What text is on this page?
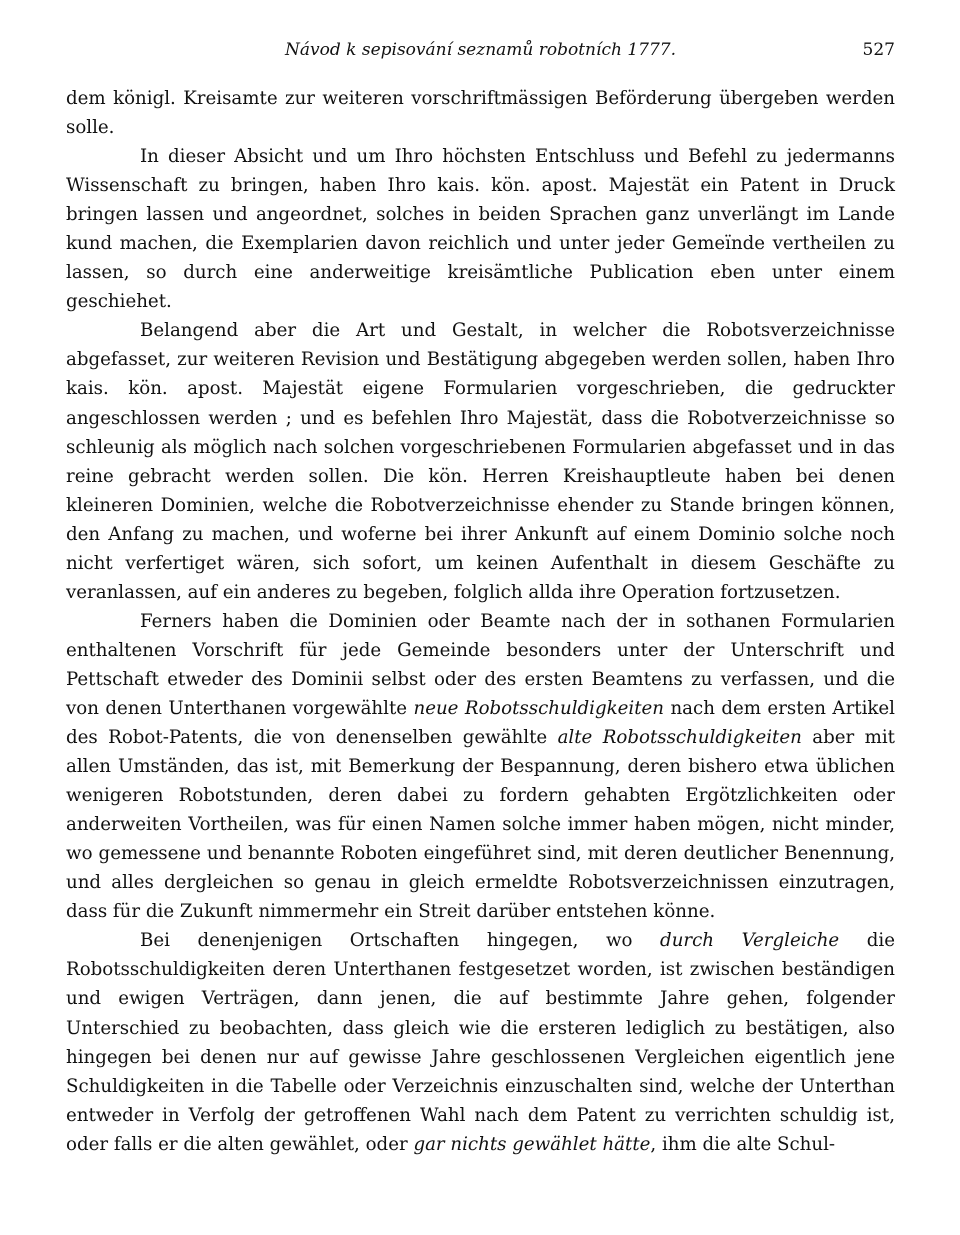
Návod k sepisování seznamů robotních 1777.	527

dem königl. Kreisamte zur weiteren vorschriftmässigen Beförderung übergeben werden solle.

In dieser Absicht und um Ihro höchsten Entschluss und Befehl zu jedermanns Wissenschaft zu bringen, haben Ihro kais. kön. apost. Majestät ein Patent in Druck bringen lassen und angeordnet, solches in beiden Sprachen ganz unverlängt im Lande kund machen, die Exemplarien davon reichlich und unter jeder Gemeïnde vertheilen zu lassen, so durch eine anderweitige kreisämtliche Publication eben unter einem geschiehet.

Belangend aber die Art und Gestalt, in welcher die Robotsverzeichnisse abgefasset, zur weiteren Revision und Bestätigung abgegeben werden sollen, haben Ihro kais. kön. apost. Majestät eigene Formularien vorgeschrieben, die gedruckter angeschlossen werden ; und es befehlen Ihro Majestät, dass die Robotverzeichnisse so schleunig als möglich nach solchen vorgeschriebenen Formularien abgefasset und in das reine gebracht werden sollen. Die kön. Herren Kreishauptleute haben bei denen kleineren Dominien, welche die Robotverzeichnisse ehender zu Stande bringen können, den Anfang zu machen, und woferne bei ihrer Ankunft auf einem Dominio solche noch nicht verfertiget wären, sich sofort, um keinen Aufenthalt in diesem Geschäfte zu veranlassen, auf ein anderes zu begeben, folglich allda ihre Operation fortzusetzen.

Ferners haben die Dominien oder Beamte nach der in sothanen Formularien enthaltenen Vorschrift für jede Gemeinde besonders unter der Unterschrift und Pettschaft etweder des Dominii selbst oder des ersten Beamtens zu verfassen, und die von denen Unterthanen vorgewählte neue Robotsschuldigkeiten nach dem ersten Artikel des Robot-Patents, die von denenselben gewählte alte Robotsschuldigkeiten aber mit allen Umständen, das ist, mit Bemerkung der Bespannung, deren bishero etwa üblichen wenigeren Robotstunden, deren dabei zu fordern gehabten Ergötzlichkeiten oder anderweiten Vortheilen, was für einen Namen solche immer haben mögen, nicht minder, wo gemessene und benannte Roboten eingeführet sind, mit deren deutlicher Benennung, und alles dergleichen so genau in gleich ermeldte Robotsverzeichnissen einzutragen, dass für die Zukunft nimmermehr ein Streit darüber entstehen könne.

Bei denenjenigen Ortschaften hingegen, wo durch Vergleiche die Robotsschuldigkeiten deren Unterthanen festgesetzet worden, ist zwischen beständigen und ewigen Verträgen, dann jenen, die auf bestimmte Jahre gehen, folgender Unterschied zu beobachten, dass gleich wie die ersteren lediglich zu bestätigen, also hingegen bei denen nur auf gewisse Jahre geschlossenen Vergleichen eigentlich jene Schuldigkeiten in die Tabelle oder Verzeichnis einzuschalten sind, welche der Unterthan entweder in Verfolg der getroffenen Wahl nach dem Patent zu verrichten schuldig ist, oder falls er die alten gewählet, oder gar nichts gewählet hätte, ihm die alte Schul-
